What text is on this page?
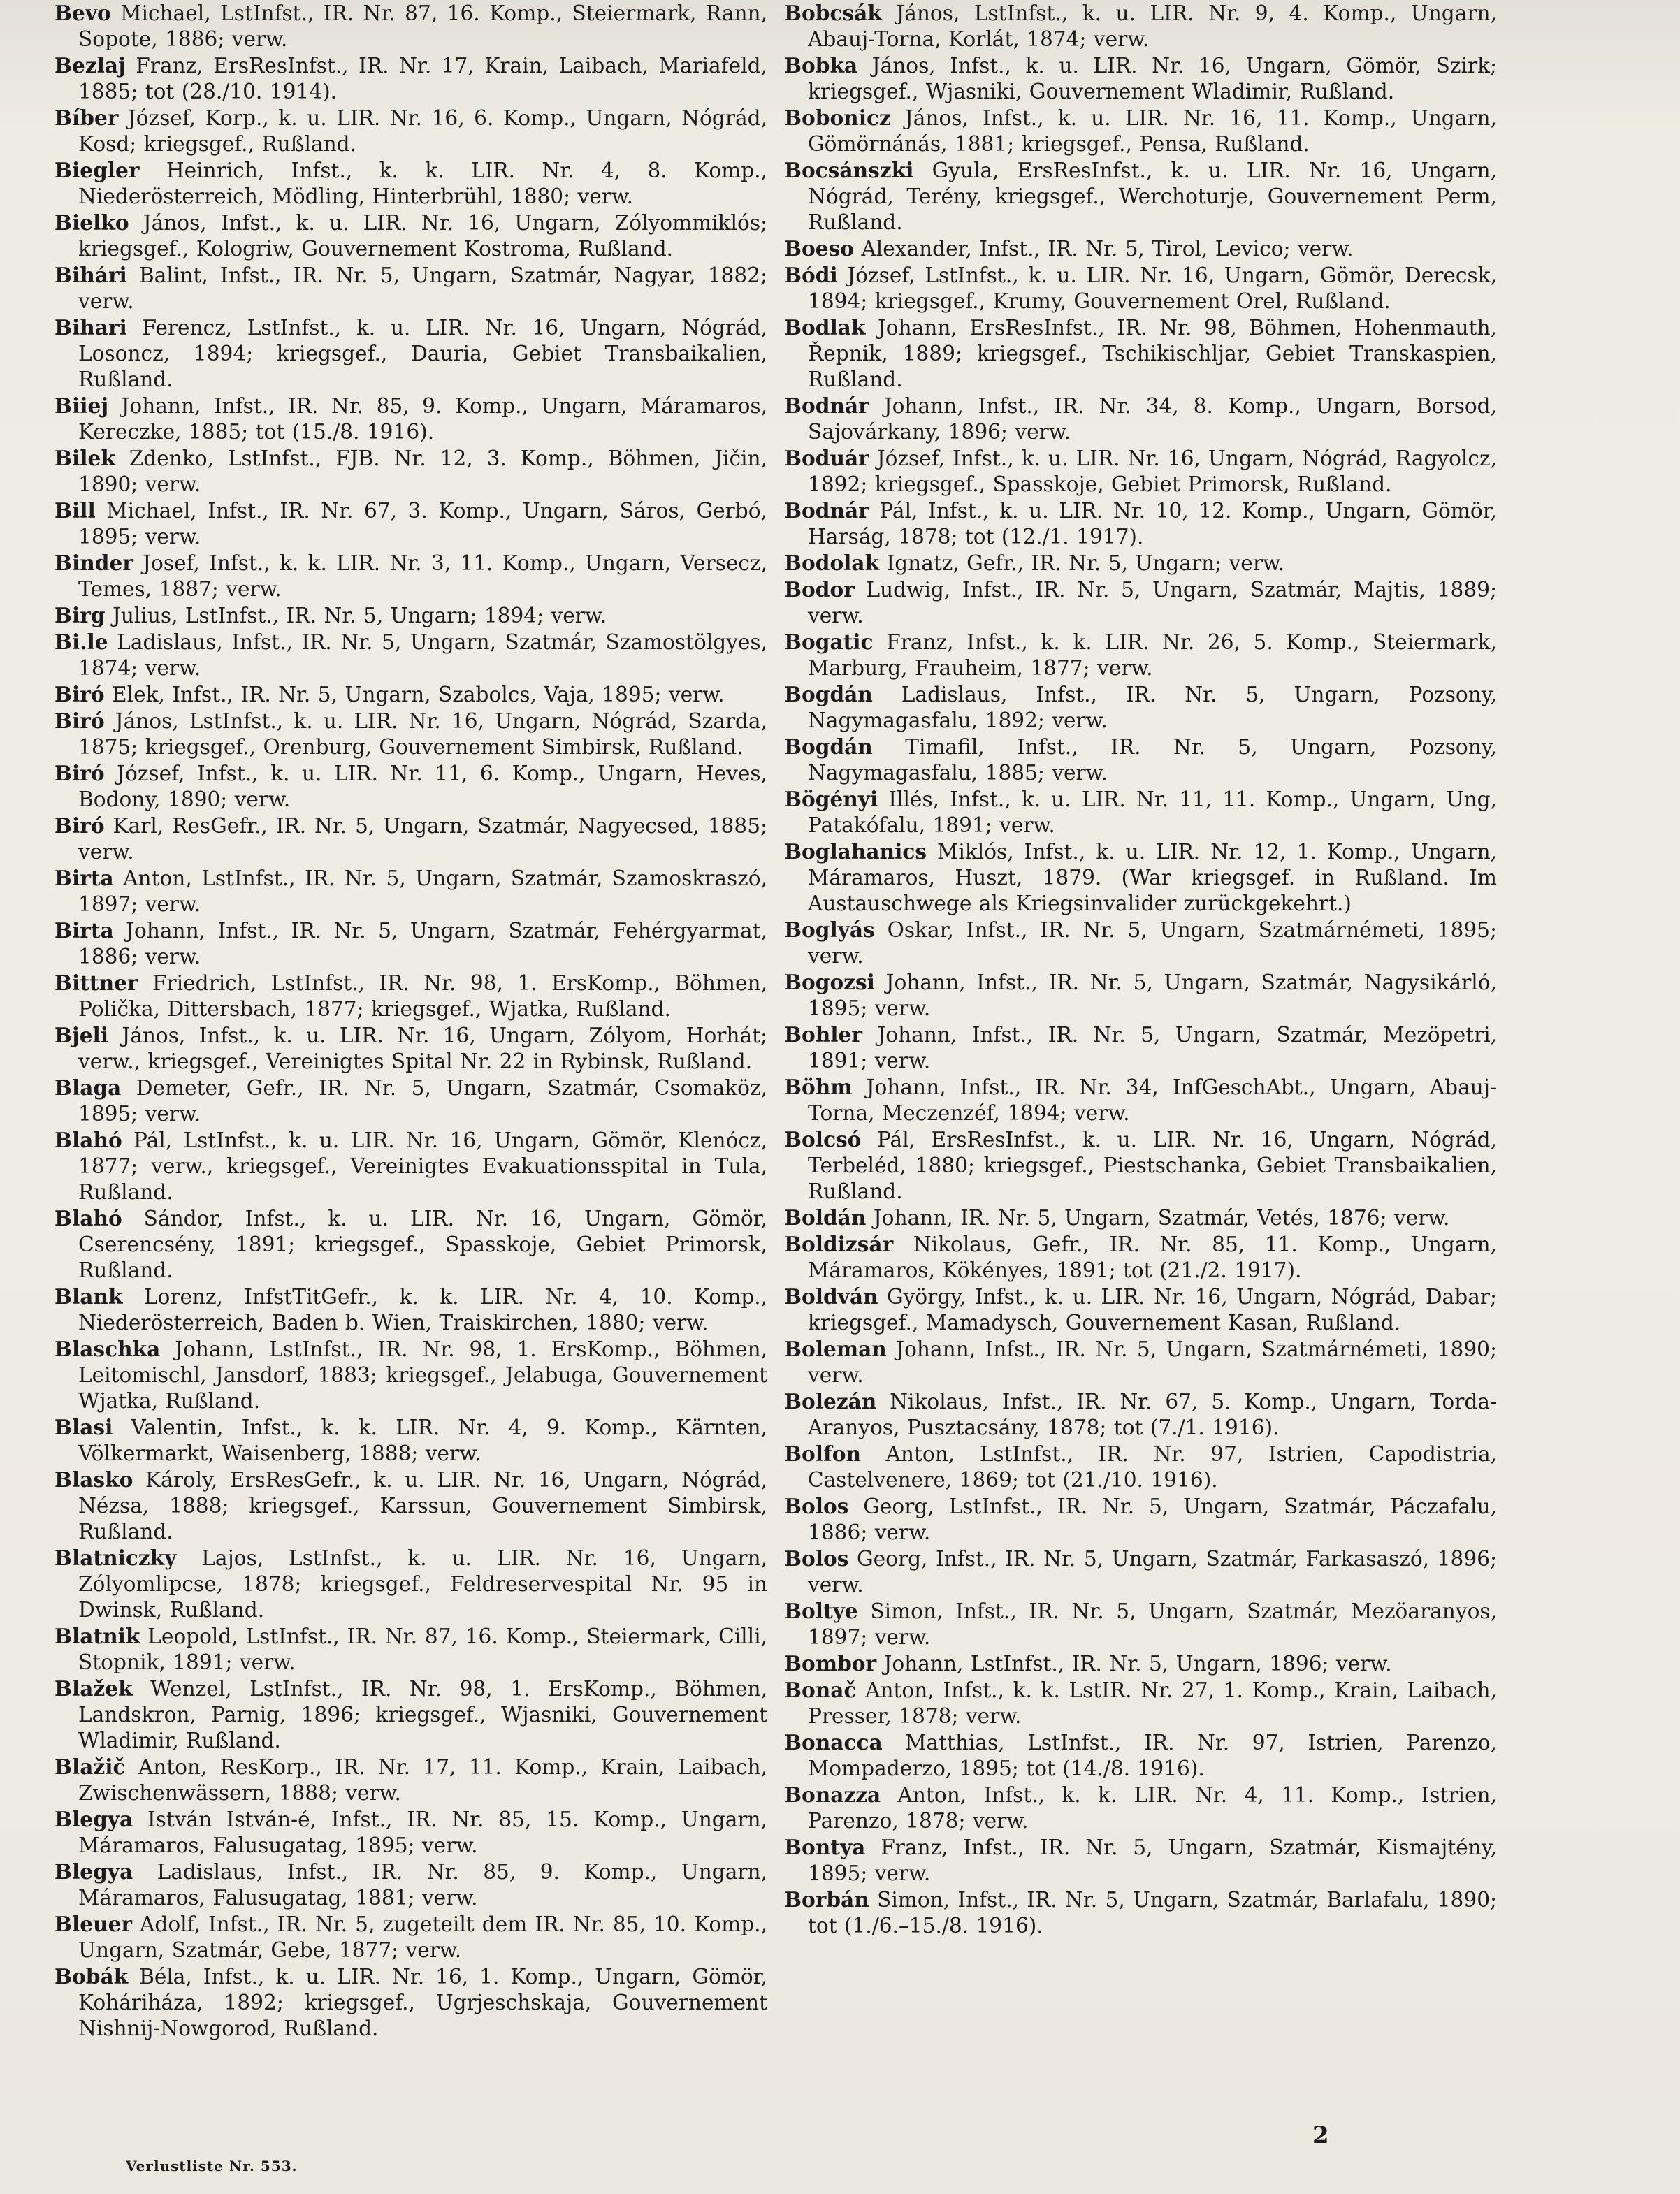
Bevo Michael, LstInfst., IR. Nr. 87, 16. Komp., Steiermark, Rann, Sopote, 1886; verw.

Bezlaj Franz, ErsResInfst., IR. Nr. 17, Krain, Laibach, Mariafeld, 1885; tot (28./10. 1914).

Bíber József, Korp., k. u. LIR. Nr. 16, 6. Komp., Ungarn, Nógrád, Kosd; kriegsgef., Rußland.

Biegler Heinrich, Infst., k. k. LIR. Nr. 4, 8. Komp., Niederösterreich, Mödling, Hinterbrühl, 1880; verw.

Bielko János, Infst., k. u. LIR. Nr. 16, Ungarn, Zólyommiklós; kriegsgef., Kologriw, Gouvernement Kostroma, Rußland.

Bihári Balint, Infst., IR. Nr. 5, Ungarn, Szatmár, Nagyar, 1882; verw.

Bihari Ferencz, LstInfst., k. u. LIR. Nr. 16, Ungarn, Nógrád, Losoncz, 1894; kriegsgef., Dauria, Gebiet Transbaikalien, Rußland.

Biiej Johann, Infst., IR. Nr. 85, 9. Komp., Ungarn, Máramaros, Kereczke, 1885; tot (15./8. 1916).

Bilek Zdenko, LstInfst., FJB. Nr. 12, 3. Komp., Böhmen, Jičin, 1890; verw.

Bill Michael, Infst., IR. Nr. 67, 3. Komp., Ungarn, Sáros, Gerbó, 1895; verw.

Binder Josef, Infst., k. k. LIR. Nr. 3, 11. Komp., Ungarn, Versecz, Temes, 1887; verw.

Birg Julius, LstInfst., IR. Nr. 5, Ungarn; 1894; verw.

Bi.le Ladislaus, Infst., IR. Nr. 5, Ungarn, Szatmár, Szamostölgyes, 1874; verw.

Biró Elek, Infst., IR. Nr. 5, Ungarn, Szabolcs, Vaja, 1895; verw.

Biró János, LstInfst., k. u. LIR. Nr. 16, Ungarn, Nógrád, Szarda, 1875; kriegsgef., Orenburg, Gouvernement Simbirsk, Rußland.

Biró József, Infst., k. u. LIR. Nr. 11, 6. Komp., Ungarn, Heves, Bodony, 1890; verw.

Biró Karl, ResGefr., IR. Nr. 5, Ungarn, Szatmár, Nagyecsed, 1885; verw.

Birta Anton, LstInfst., IR. Nr. 5, Ungarn, Szatmár, Szamoskraszó, 1897; verw.

Birta Johann, Infst., IR. Nr. 5, Ungarn, Szatmár, Fehérgyarmat, 1886; verw.

Bittner Friedrich, LstInfst., IR. Nr. 98, 1. ErsKomp., Böhmen, Polička, Dittersbach, 1877; kriegsgef., Wjatka, Rußland.

Bjeli János, Infst., k. u. LIR. Nr. 16, Ungarn, Zólyom, Horhát; verw., kriegsgef., Vereinigtes Spital Nr. 22 in Rybinsk, Rußland.

Blaga Demeter, Gefr., IR. Nr. 5, Ungarn, Szatmár, Csomaköz, 1895; verw.

Blahó Pál, LstInfst., k. u. LIR. Nr. 16, Ungarn, Gömör, Klenócz, 1877; verw., kriegsgef., Vereinigtes Evakuationsspital in Tula, Rußland.

Blahó Sándor, Infst., k. u. LIR. Nr. 16, Ungarn, Gömör, Cserencsény, 1891; kriegsgef., Spasskoje, Gebiet Primorsk, Rußland.

Blank Lorenz, InfstTitGefr., k. k. LIR. Nr. 4, 10. Komp., Niederösterreich, Baden b. Wien, Traiskirchen, 1880; verw.

Blaschka Johann, LstInfst., IR. Nr. 98, 1. ErsKomp., Böhmen, Leitomischl, Jansdorf, 1883; kriegsgef., Jelabuga, Gouvernement Wjatka, Rußland.

Blasi Valentin, Infst., k. k. LIR. Nr. 4, 9. Komp., Kärnten, Völkermarkt, Waisenberg, 1888; verw.

Blasko Károly, ErsResGefr., k. u. LIR. Nr. 16, Ungarn, Nógrád, Nézsa, 1888; kriegsgef., Karssun, Gouvernement Simbirsk, Rußland.

Blatniczky Lajos, LstInfst., k. u. LIR. Nr. 16, Ungarn, Zólyomlipcse, 1878; kriegsgef., Feldreservespital Nr. 95 in Dwinsk, Rußland.

Blatnik Leopold, LstInfst., IR. Nr. 87, 16. Komp., Steiermark, Cilli, Stopnik, 1891; verw.

Blažek Wenzel, LstInfst., IR. Nr. 98, 1. ErsKomp., Böhmen, Landskron, Parnig, 1896; kriegsgef., Wjasniki, Gouvernement Wladimir, Rußland.

Blažič Anton, ResKorp., IR. Nr. 17, 11. Komp., Krain, Laibach, Zwischenwässern, 1888; verw.

Blegya István István-é, Infst., IR. Nr. 85, 15. Komp., Ungarn, Máramaros, Falusugatag, 1895; verw.

Blegya Ladislaus, Infst., IR. Nr. 85, 9. Komp., Ungarn, Máramaros, Falusugatag, 1881; verw.

Bleuer Adolf, Infst., IR. Nr. 5, zugeteilt dem IR. Nr. 85, 10. Komp., Ungarn, Szatmár, Gebe, 1877; verw.

Bobák Béla, Infst., k. u. LIR. Nr. 16, 1. Komp., Ungarn, Gömör, Koháriháza, 1892; kriegsgef., Ugrjeschskaja, Gouvernement Nishnij-Nowgorod, Rußland.

Bobcsák János, LstInfst., k. u. LIR. Nr. 9, 4. Komp., Ungarn, Abauj-Torna, Korlát, 1874; verw.

Bobka János, Infst., k. u. LIR. Nr. 16, Ungarn, Gömör, Szirk; kriegsgef., Wjasniki, Gouvernement Wladimir, Rußland.

Bobonicz János, Infst., k. u. LIR. Nr. 16, 11. Komp., Ungarn, Gömörnánás, 1881; kriegsgef., Pensa, Rußland.

Bocsánszki Gyula, ErsResInfst., k. u. LIR. Nr. 16, Ungarn, Nógrád, Terény, kriegsgef., Werchoturje, Gouvernement Perm, Rußland.

Boeso Alexander, Infst., IR. Nr. 5, Tirol, Levico; verw.

Bódi József, LstInfst., k. u. LIR. Nr. 16, Ungarn, Gömör, Derecsk, 1894; kriegsgef., Krumy, Gouvernement Orel, Rußland.

Bodlak Johann, ErsResInfst., IR. Nr. 98, Böhmen, Hohenmauth, Řepnik, 1889; kriegsgef., Tschikischljar, Gebiet Transkaspien, Rußland.

Bodnár Johann, Infst., IR. Nr. 34, 8. Komp., Ungarn, Borsod, Sajovárkany, 1896; verw.

Boduár József, Infst., k. u. LIR. Nr. 16, Ungarn, Nógrád, Ragyolcz, 1892; kriegsgef., Spasskoje, Gebiet Primorsk, Rußland.

Bodnár Pál, Infst., k. u. LIR. Nr. 10, 12. Komp., Ungarn, Gömör, Harság, 1878; tot (12./1. 1917).

Bodolak Ignatz, Gefr., IR. Nr. 5, Ungarn; verw.

Bodor Ludwig, Infst., IR. Nr. 5, Ungarn, Szatmár, Majtis, 1889; verw.

Bogatic Franz, Infst., k. k. LIR. Nr. 26, 5. Komp., Steiermark, Marburg, Frauheim, 1877; verw.

Bogdán Ladislaus, Infst., IR. Nr. 5, Ungarn, Pozsony, Nagymagasfalu, 1892; verw.

Bogdán Timafil, Infst., IR. Nr. 5, Ungarn, Pozsony, Nagymagasfalu, 1885; verw.

Bögényi Illés, Infst., k. u. LIR. Nr. 11, 11. Komp., Ungarn, Ung, Patakófalu, 1891; verw.

Boglahanics Miklós, Infst., k. u. LIR. Nr. 12, 1. Komp., Ungarn, Máramaros, Huszt, 1879. (War kriegsgef. in Rußland. Im Austauschwege als Kriegsinvalider zurückgekehrt.)

Boglyás Oskar, Infst., IR. Nr. 5, Ungarn, Szatmárnémeti, 1895; verw.

Bogozsi Johann, Infst., IR. Nr. 5, Ungarn, Szatmár, Nagysikárló, 1895; verw.

Bohler Johann, Infst., IR. Nr. 5, Ungarn, Szatmár, Mezöpetri, 1891; verw.

Böhm Johann, Infst., IR. Nr. 34, InfGeschAbt., Ungarn, Abauj-Torna, Meczenzéf, 1894; verw.

Bolcsó Pál, ErsResInfst., k. u. LIR. Nr. 16, Ungarn, Nógrád, Terbeléd, 1880; kriegsgef., Piestschanka, Gebiet Transbaikalien, Rußland.

Boldán Johann, IR. Nr. 5, Ungarn, Szatmár, Vetés, 1876; verw.

Boldizsár Nikolaus, Gefr., IR. Nr. 85, 11. Komp., Ungarn, Máramaros, Kökényes, 1891; tot (21./2. 1917).

Boldván György, Infst., k. u. LIR. Nr. 16, Ungarn, Nógrád, Dabar; kriegsgef., Mamadysch, Gouvernement Kasan, Rußland.

Boleman Johann, Infst., IR. Nr. 5, Ungarn, Szatmárnémeti, 1890; verw.

Bolezán Nikolaus, Infst., IR. Nr. 67, 5. Komp., Ungarn, Torda-Aranyos, Pusztacsány, 1878; tot (7./1. 1916).

Bolfon Anton, LstInfst., IR. Nr. 97, Istrien, Capodistria, Castelvenere, 1869; tot (21./10. 1916).

Bolos Georg, LstInfst., IR. Nr. 5, Ungarn, Szatmár, Páczafalu, 1886; verw.

Bolos Georg, Infst., IR. Nr. 5, Ungarn, Szatmár, Farkasaszó, 1896; verw.

Boltye Simon, Infst., IR. Nr. 5, Ungarn, Szatmár, Mezöaranyos, 1897; verw.

Bombor Johann, LstInfst., IR. Nr. 5, Ungarn, 1896; verw.

Bonač Anton, Infst., k. k. LstIR. Nr. 27, 1. Komp., Krain, Laibach, Presser, 1878; verw.

Bonacca Matthias, LstInfst., IR. Nr. 97, Istrien, Parenzo, Mompaderzo, 1895; tot (14./8. 1916).

Bonazza Anton, Infst., k. k. LIR. Nr. 4, 11. Komp., Istrien, Parenzo, 1878; verw.

Bontya Franz, Infst., IR. Nr. 5, Ungarn, Szatmár, Kismajtény, 1895; verw.

Borbán Simon, Infst., IR. Nr. 5, Ungarn, Szatmár, Barlafalu, 1890; tot (1./6.–15./8. 1916).

Verlustliste Nr. 553.
2
